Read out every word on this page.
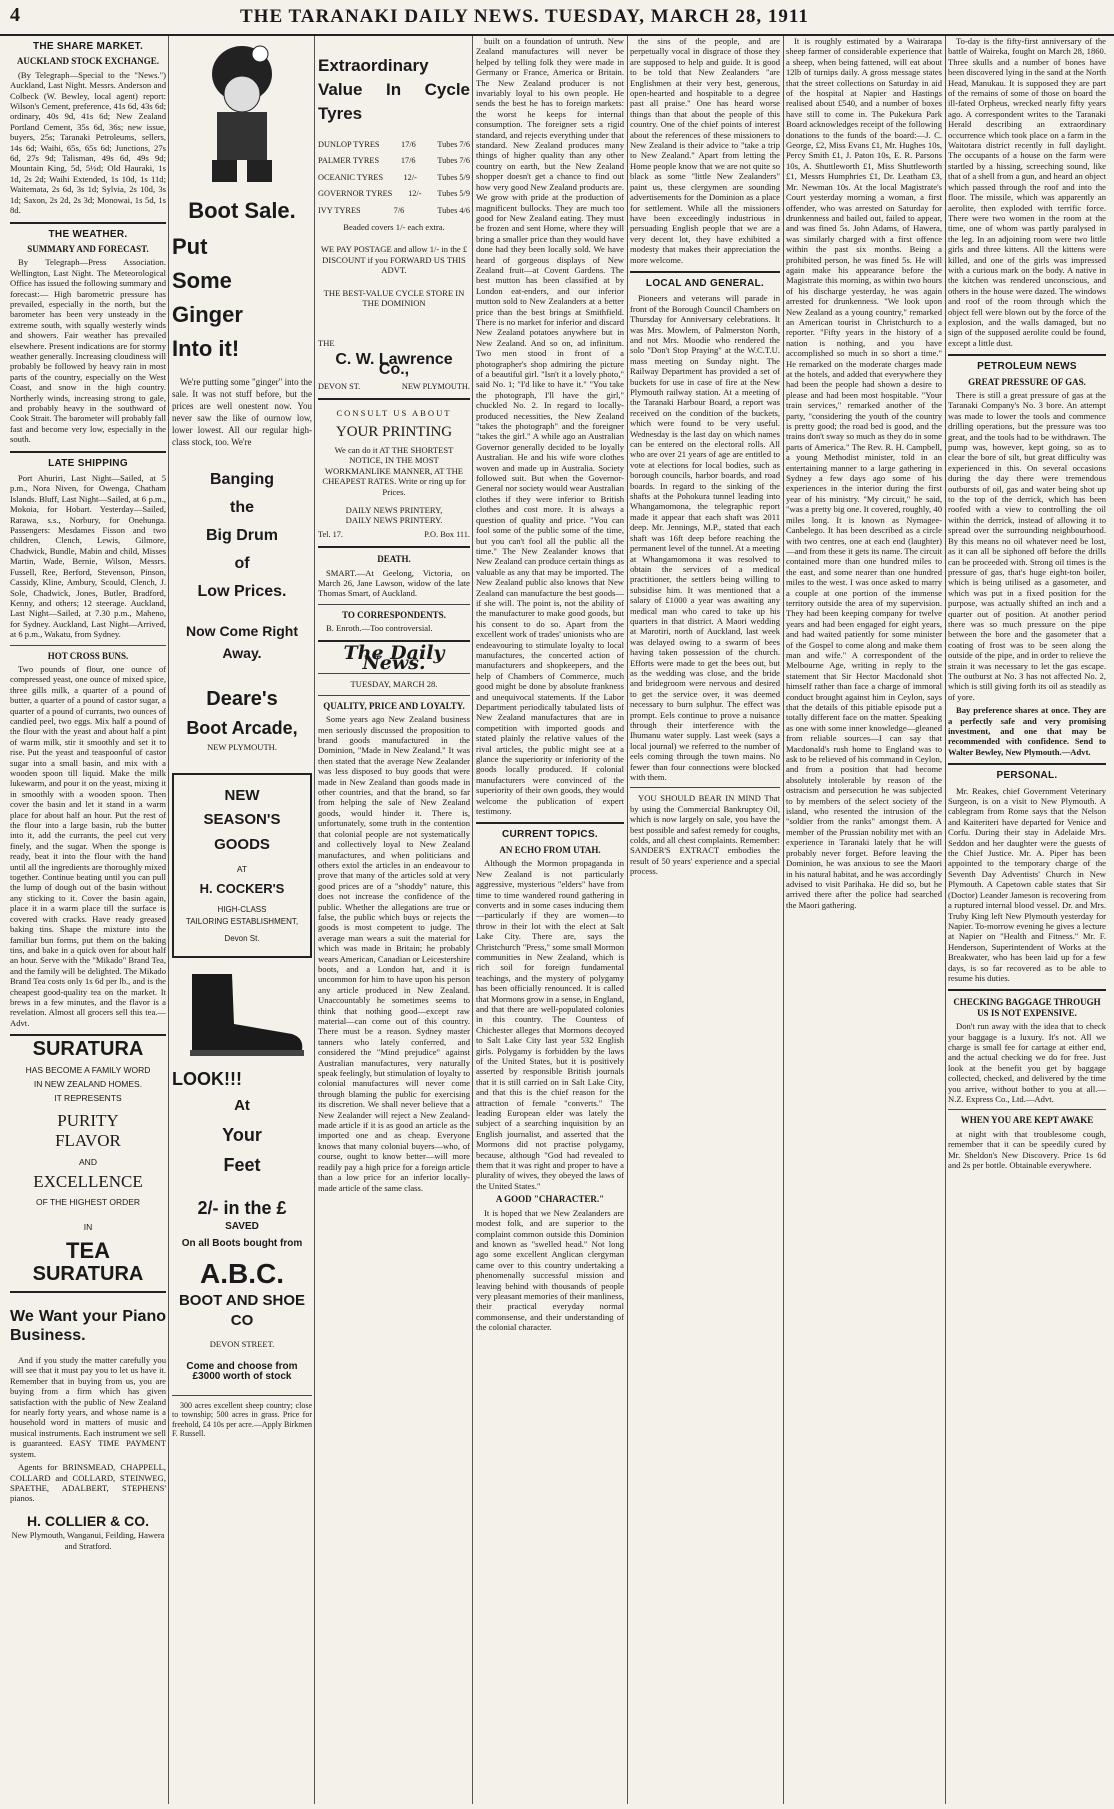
4	THE TARANAKI DAILY NEWS. TUESDAY, MARCH 28, 1911
THE SHARE MARKET.
AUCKLAND STOCK EXCHANGE.

(By Telegraph—Special to the "News.") Auckland, Last Night. Messrs. Anderson and Colbeck (W. Bewley, local agent) report: Wilson's Cement, preference, 41s 6d, 43s 6d; ordinary, 40s 9d, 41s 6d; New Zealand Portland Cement, 35s 6d, 36s; new issue, buyers, 25s; Taranaki Petroleums, sellers, 14s 6d; Waihi, 65s, 65s 6d; Junctions, 27s 6d, 27s 9d; Talisman, 49s 6d, 49s 9d; Mountain King, 5d, 5½d; Old Hauraki, 1s 1d, 2s 2d; Waihi Extended, 1s 10d, 1s 11d; Waitemata, 2s 6d, 3s 1d; Sylvia, 2s 10d, 3s 1d; Saxon, 2s 2d, 2s 3d; Monowai, 1s 5d, 1s 8d.

THE WEATHER.
SUMMARY AND FORECAST.

By Telegraph—Press Association. Wellington, Last Night. The Meteorological Office has issued the following summary and forecast:— High barometric pressure has prevailed, especially in the north, but the barometer has been very unsteady in the extreme south, with squally westerly winds and showers. Fair weather has prevailed elsewhere. Present indications are for stormy weather generally. Increasing cloudiness will probably be followed by heavy rain in most parts of the country, especially on the West Coast, and snow in the high country. Northerly winds, increasing strong to gale, and probably heavy in the southward of Cook Strait. The barometer will probably fall fast and become very low, especially in the south.

LATE SHIPPING

Port Ahuriri, Last Night—Sailed, at 5 p.m., Nora Niven, for Owenga, Chatham Islands. Bluff, Last Night—Sailed, at 6 p.m., Mokoia, for Hobart. Yesterday—Sailed, Rarawa, s.s., Norbury, for Onehunga. Passengers: Mesdames Fisson and two children, Clench, Lewis, Gilmore, Chadwick, Bundle, Mabin and child, Misses Martin, Wade, Bernie, Wilson, Messrs. Fussell, Ree, Berford, Stevenson, Pinson, Cassidy, Kline, Ambury, Scould, Clench, J. Sole, Chadwick, Jones, Butler, Bradford, Kenny, and others; 12 steerage. Auckland, Last Night—Sailed, at 7.30 p.m., Maheno, for Sydney. Auckland, Last Night—Arrived, at 6 p.m., Wakatu, from Sydney.

HOT CROSS BUNS.

Two pounds of flour, one ounce of compressed yeast, one ounce of mixed spice, three gills milk, a quarter of a pound of butter, a quarter of a pound of castor sugar, a quarter of a pound of currants, two ounces of candied peel, two eggs. Mix half a pound of the flour with the yeast and about half a pint of warm milk, stir it smoothly and set it to rise. Put the yeast and teaspoonful of castor sugar into a small basin, and mix with a wooden spoon till liquid. Make the milk lukewarm, and pour it on the yeast, mixing it in smoothly with a wooden spoon. Then cover the basin and let it stand in a warm place for about half an hour. Put the rest of the flour into a large basin, rub the butter into it, add the currants, the peel cut very finely, and the sugar. When the sponge is ready, beat it into the flour with the hand until all the ingredients are thoroughly mixed together. Continue beating until you can pull the lump of dough out of the basin without any sticking to it. Cover the basin again, place it in a warm place till the surface is covered with cracks. Have ready greased baking tins. Shape the mixture into the familiar bun forms, put them on the baking tins, and bake in a quick oven for about half an hour. Serve with the "Mikado" Brand Tea, and the family will be delighted. The Mikado Brand Tea costs only 1s 6d per lb., and is the cheapest good-quality tea on the market. It brews in a few minutes, and the flavor is a revelation. Almost all grocers sell this tea.—Advt.

SURATURA
HAS BECOME A FAMILY WORD
IN NEW ZEALAND HOMES.
IT REPRESENTS
PURITY
FLAVOR
AND
EXCELLENCE
OF THE HIGHEST ORDER
IN
TEA
SURATURA
We Want your Piano Business.

And if you study the matter carefully you will see that it must pay you to let us have it. Remember that in buying from us, you are buying from a firm which has given satisfaction with the public of New Zealand for nearly forty years, and whose name is a household word in matters of music and musical instruments. Each instrument we sell is guaranteed. EASY TIME PAYMENT system.

Agents for BRINSMEAD, CHAPPELL, COLLARD and COLLARD, STEINWEG, SPAETHE, ADALBERT, STEPHENS' pianos.

H. COLLIER & CO.
New Plymouth, Wanganui, Feilding, Hawera and Stratford.
Boot Sale.
Put
Some
Ginger
Into it!

We're putting some "ginger" into the sale. It was not stuff before, but the prices are well onestent now. You never saw the like of ournow low, lower lowest. All our regular high-class stock, too. We're

Banging
the
Big Drum
of
Low Prices.
Now Come Right Away.
Deare's
Boot Arcade,
NEW PLYMOUTH.
NEW
SEASON'S
GOODS
AT
H. COCKER'S
HIGH-CLASS
TAILORING ESTABLISHMENT,
Devon St.
LOOK!!!
At
Your
Feet
2/- in the £
SAVED
On all Boots bought from
A.B.C.
BOOT AND SHOE CO
DEVON STREET.
Come and choose from £3000 worth of stock

300 acres excellent sheep country; close to township; 500 acres in grass. Price for freehold, £4 10s per acre.—Apply Birkmen F. Russell.

Extraordinary Value In Cycle Tyres
DUNLOP TYRES	17/6	Tubes 7/6
PALMER TYRES	17/6	Tubes 7/6
OCEANIC TYRES 12/- Tubes 5/9
GOVERNOR TYRES 12/- Tubes 5/9
IVY TYRES	7/6	Tubes 4/6
Beaded covers 1/- each extra.

WE PAY POSTAGE and allow 1/- in the £ DISCOUNT if you FORWARD US THIS ADVT.

THE BEST-VALUE CYCLE STORE IN THE DOMINION

THE
C. W. Lawrence Co.,
DEVON ST.	NEW PLYMOUTH.
CONSULT US ABOUT
YOUR PRINTING

We can do it AT THE SHORTEST NOTICE, IN THE MOST WORKMANLIKE MANNER, AT THE CHEAPEST RATES. Write or ring up for Prices.

DAILY NEWS PRINTERY,
DAILY NEWS PRINTERY.
Tel. 17.	P.O. Box 111.
DEATH.

SMART.—At Geelong, Victoria, on March 26, Jane Lawson, widow of the late Thomas Smart, of Auckland.

TO CORRESPONDENTS.

B. Enroth.—Too controversial.

The Daily News.
TUESDAY, MARCH 28.
QUALITY, PRICE AND LOYALTY.

Some years ago New Zealand business men seriously discussed the proposition to brand goods manufactured in the Dominion, "Made in New Zealand." It was then stated that the average New Zealander was less disposed to buy goods that were made in New Zealand than goods made in other countries, and that the brand, so far from helping the sale of New Zealand goods, would hinder it. There is, unfortunately, some truth in the contention that colonial people are not systematically and collectively loyal to New Zealand manufactures, and when politicians and others extol the articles in an endeavour to prove that many of the articles sold at very good prices are of a "shoddy" nature, this does not increase the confidence of the public. Whether the allegations are true or false, the public which buys or rejects the goods is most competent to judge. The average man wears a suit the material for which was made in Britain; he probably wears American, Canadian or Leicestershire boots, and a London hat, and it is uncommon for him to have upon his person any article produced in New Zealand. Unaccountably he sometimes seems to think that nothing good—except raw material—can come out of this country. There must be a reason. Sydney master tanners who lately conferred, and considered the "Mind prejudice" against Australian manufactures, very naturally speak feelingly, but stimulation of loyalty to colonial manufactures will never come through blaming the public for exercising its discretion. We shall never believe that a New Zealander will reject a New Zealand-made article if it is as good an article as the imported one and as cheap. Everyone knows that many colonial buyers—who, of course, ought to know better—will more readily pay a high price for a foreign article than a low price for an inferior locally-made article of the same class.

built on a foundation of untruth. New Zealand manufactures will never be helped by telling folk they were made in Germany or France, America or Britain. The New Zealand producer is not invariably loyal to his own people. He sends the best he has to foreign markets: the worst he keeps for internal consumption. The foreigner sets a rigid standard, and rejects everything under that standard. New Zealand produces many things of higher quality than any other country on earth, but the New Zealand shopper doesn't get a chance to find out how very good New Zealand products are. We grow with pride at the production of magnificent bullocks. They are much too good for New Zealand eating. They must be frozen and sent Home, where they will bring a smaller price than they would have done had they been locally sold. We have heard of gorgeous displays of New Zealand fruit—at Covent Gardens. The best mutton has been classified at by London eat-enders, and our inferior mutton sold to New Zealanders at a better price than the best brings at Smithfield. There is no market for inferior and discard New Zealand potatoes anywhere but in New Zealand. And so on, ad infinitum. Two men stood in front of a photographer's shop admiring the picture of a beautiful girl. "Isn't it a lovely photo," said No. 1; "I'd like to have it." "You take the photograph, I'll have the girl," chuckled No. 2. In regard to locally-produced necessities, the New Zealand "takes the photograph" and the foreigner "takes the girl." A while ago an Australian Governor generally decided to be loyally Australian. He and his wife wore clothes woven and made up in Australia. Society followed suit. But when the Governor-General nor society would wear Australian clothes if they were inferior to British clothes and cost more. It is always a question of quality and price. "You can fool some of the public some of the time, but you can't fool all the public all the time." The New Zealander knows that New Zealand can produce certain things as valuable as any that may be imported. The New Zealand public also knows that New Zealand can manufacture the best goods—if she will. The point is, not the ability of the manufacturer to make good goods, but his consent to do so. Apart from the excellent work of trades' unionists who are endeavouring to stimulate loyalty to local manufactures, the concerted action of manufacturers and shopkeepers, and the help of Chambers of Commerce, much good might be done by absolute frankness and unequivocal statements. If the Labor Department periodically tabulated lists of New Zealand manufactures that are in competition with imported goods and stated plainly the relative values of the rival articles, the public might see at a glance the superiority or inferiority of the goods locally produced. If colonial manufacturers were convinced of the superiority of their own goods, they would welcome the publication of expert testimony.

CURRENT TOPICS.
AN ECHO FROM UTAH.

Although the Mormon propaganda in New Zealand is not particularly aggressive, mysterious "elders" have from time to time wandered round gathering in converts and in some cases inducing them—particularly if they are women—to throw in their lot with the elect at Salt Lake City. There are, says the Christchurch "Press," some small Mormon communities in New Zealand, which is rich soil for foreign fundamental teachings, and the mystery of polygamy has been officially renounced. It is called that Mormons grow in a sense, in England, and that there are well-populated colonies in this country. The Countess of Chichester alleges that Mormons decoyed to Salt Lake City last year 532 English girls. Polygamy is forbidden by the laws of the United States, but it is positively asserted by responsible British journals that it is still carried on in Salt Lake City, and that this is the chief reason for the attraction of female "converts." The leading European elder was lately the subject of a searching inquisition by an English journalist, and asserted that the Mormons did not practise polygamy, because, although "God had revealed to them that it was right and proper to have a plurality of wives, they obeyed the laws of the United States."

A GOOD "CHARACTER."

It is hoped that we New Zealanders are modest folk, and are superior to the complaint common outside this Dominion and known as "swelled head." Not long ago some excellent Anglican clergyman came over to this country undertaking a phenomenally successful mission and leaving behind with thousands of people very pleasant memories of their manliness, their practical everyday normal commonsense, and their understanding of the colonial character.

the sins of the people, and are perpetually vocal in disgrace of those they are supposed to help and guide. It is good to be told that New Zealanders "are Englishmen at their very best, generous, open-hearted and hospitable to a degree past all praise." One has heard worse things than that about the people of this country. One of the chief points of interest about the references of these missioners to New Zealand is their advice to "take a trip to New Zealand." Apart from letting the Home people know that we are not quite so black as some "little New Zealanders" paint us, these clergymen are sounding advertisements for the Dominion as a place for settlement. While all the missioners have been exceedingly industrious in persuading English people that we are a very decent lot, they have exhibited a modesty that makes their appreciation the more welcome.

LOCAL AND GENERAL.

Pioneers and veterans will parade in front of the Borough Council Chambers on Thursday for Anniversary celebrations. It was Mrs. Mowlem, of Palmerston North, and not Mrs. Moodie who rendered the solo "Don't Stop Praying" at the W.C.T.U. mass meeting on Sunday night. The Railway Department has provided a set of buckets for use in case of fire at the New Plymouth railway station. At a meeting of the Taranaki Harbour Board, a report was received on the condition of the buckets, which were found to be very useful. Wednesday is the last day on which names can be entered on the electoral rolls. All who are over 21 years of age are entitled to vote at elections for local bodies, such as borough councils, harbor boards, and road boards. In regard to the sinking of the shafts at the Pohokura tunnel leading into Whangamomona, the telegraphic report made it appear that each shaft was 2011 deep. Mr. Jennings, M.P., stated that each shaft was 16ft deep before reaching the permanent level of the tunnel. At a meeting at Whangamomona it was resolved to obtain the services of a medical practitioner, the settlers being willing to subsidise him. It was mentioned that a salary of £1000 a year was awaiting any medical man who cared to take up his quarters in that district. A Maori wedding at Marotiri, north of Auckland, last week was delayed owing to a swarm of bees having taken possession of the church. Efforts were made to get the bees out, but as the wedding was close, and the bride and bridegroom were nervous and desired to get the service over, it was deemed necessary to burn sulphur. The effect was prompt. Eels continue to prove a nuisance through their interference with the Ihumanu water supply. Last week (says a local journal) we referred to the number of eels coming through the town mains. No fewer than four connections were blocked with them.

YOU SHOULD BEAR IN MIND That by using the Commercial Bankruptcy Oil, which is now largely on sale, you have the best possible and safest remedy for coughs, colds, and all chest complaints. Remember: SANDER'S EXTRACT embodies the result of 50 years' experience and a special process.

It is roughly estimated by a Wairarapa sheep farmer of considerable experience that a sheep, when being fattened, will eat about 12lb of turnips daily. A gross message states that the street collections on Saturday in aid of the hospital at Napier and Hastings realised about £540, and a number of boxes have still to come in. The Pukekura Park Board acknowledges receipt of the following donations to the funds of the board:—J. C. George, £2, Miss Evans £1, Mr. Hughes 10s, Percy Smith £1, J. Paton 10s, E. R. Parsons 10s, A. Shuttleworth £1, Miss Shuttleworth £1, Messrs Humphries £1, Dr. Leatham £3, Mr. Newman 10s. At the local Magistrate's Court yesterday morning a woman, a first offender, who was arrested on Saturday for drunkenness and bailed out, failed to appear, and was fined 5s. John Adams, of Hawera, was similarly charged with a first offence within the past six months. Being a prohibited person, he was fined 5s. He will again make his appearance before the Magistrate this morning, as within two hours of his discharge yesterday, he was again arrested for drunkenness. "We look upon New Zealand as a young country," remarked an American tourist in Christchurch to a reporter. "Fifty years in the history of a nation is nothing, and you have accomplished so much in so short a time." He remarked on the moderate charges made at the hotels, and added that everywhere they had been the people had shown a desire to please and had been most hospitable. "Your train services," remarked another of the party, "considering the youth of the country is pretty good; the road bed is good, and the trains don't sway so much as they do in some parts of America." The Rev. R. H. Campbell, a young Methodist minister, told in an entertaining manner to a large gathering in Sydney a few days ago some of his experiences in the interior during the first year of his ministry. "My circuit," he said, "was a pretty big one. It covered, roughly, 40 miles long. It is known as Nymagee-Canbelego. It has been described as a circle with two centres, one at each end (laughter)—and from these it gets its name. The circuit contained more than one hundred miles to the east, and some nearer than one hundred miles to the west. I was once asked to marry a couple at one portion of the immense territory outside the area of my supervision. They had been keeping company for twelve years and had been engaged for eight years, and had waited patiently for some minister of the Gospel to come along and make them man and wife." A correspondent of the Melbourne Age, writing in reply to the statement that Sir Hector Macdonald shot himself rather than face a charge of immoral conduct brought against him in Ceylon, says that the details of this pitiable episode put a totally different face on the matter. Speaking as one with some inner knowledge—gleaned from reliable sources—I can say that Macdonald's rush home to England was to ask to be relieved of his command in Ceylon, and from a position that had become absolutely intolerable by reason of the ostracism and persecution he was subjected to by members of the select society of the island, who resented the intrusion of the "soldier from the ranks" amongst them. A member of the Prussian nobility met with an experience in Taranaki lately that he will probably never forget. Before leaving the Dominion, he was anxious to see the Maori in his natural habitat, and he was accordingly advised to visit Parihaka. He did so, but he arrived there after the police had searched the Maori gathering.

To-day is the fifty-first anniversary of the battle of Waireka, fought on March 28, 1860. Three skulls and a number of bones have been discovered lying in the sand at the North Head, Manukau. It is supposed they are part of the remains of some of those on board the ill-fated Orpheus, wrecked nearly fifty years ago. A correspondent writes to the Taranaki Herald describing an extraordinary occurrence which took place on a farm in the Waitotara district recently in full daylight. The occupants of a house on the farm were startled by a hissing, screeching sound, like that of a shell from a gun, and heard an object which passed through the roof and into the floor. The missile, which was apparently an aerolite, then exploded with terrific force. There were two women in the room at the time, one of whom was partly paralysed in the leg. In an adjoining room were two little girls and three kittens. All the kittens were killed, and one of the girls was impressed with a curious mark on the body. A native in the kitchen was rendered unconscious, and others in the house were dazed. The windows and roof of the room through which the object fell were blown out by the force of the explosion, and the walls damaged, but no sign of the supposed aerolite could be found, except a little dust.

PETROLEUM NEWS
GREAT PRESSURE OF GAS.

There is still a great pressure of gas at the Taranaki Company's No. 3 bore. An attempt was made to lower the tools and commence drilling operations, but the pressure was too great, and the tools had to be withdrawn. The pump was, however, kept going, so as to clear the bore of silt, but great difficulty was experienced in this. On several occasions during the day there were tremendous outbursts of oil, gas and water being shot up to the top of the derrick, which has been roofed with a view to controlling the oil within the derrick, instead of allowing it to spread over the surrounding neighbourhood. By this means no oil whatever need be lost, as it can all be siphoned off before the drills can be proceeded with. Strong oil times is the pressure of gas, that's huge eight-ton boiler, which is being utilised as a gasometer, and which was put in a fixed position for the purpose, was actually shifted an inch and a quarter out of position. At another period there was so much pressure on the pipe between the bore and the gasometer that a coating of frost was to be seen along the outside of the pipe, and in order to relieve the strain it was necessary to let the gas escape. The outburst at No. 3 has not affected No. 2, which is still giving forth its oil as steadily as of yore.

Bay preference shares at once. They are a perfectly safe and very promising investment, and one that may be recommended with confidence. Send to Walter Bewley, New Plymouth.—Advt.

PERSONAL.

Mr. Reakes, chief Government Veterinary Surgeon, is on a visit to New Plymouth. A cablegram from Rome says that the Nelson and Kaiteriteri have departed for Venice and Corfu. During their stay in Adelaide Mrs. Seddon and her daughter were the guests of the Chief Justice. Mr. A. Piper has been appointed to the temporary charge of the Seventh Day Adventists' Church in New Plymouth. A Capetown cable states that Sir (Doctor) Leander Jameson is recovering from a ruptured internal blood vessel. Dr. and Mrs. Truby King left New Plymouth yesterday for Napier. To-morrow evening he gives a lecture at Napier on "Health and Fitness." Mr. F. Henderson, Superintendent of Works at the Breakwater, who has been laid up for a few days, is so far recovered as to be able to resume his duties.

CHECKING BAGGAGE THROUGH US IS NOT EXPENSIVE.

Don't run away with the idea that to check your baggage is a luxury. It's not. All we charge is small fee for cartage at either end, and the actual checking we do for free. Just look at the benefit you get by baggage collected, checked, and delivered by the time you arrive, without bother to you at all.—N.Z. Express Co., Ltd.—Advt.

WHEN YOU ARE KEPT AWAKE

at night with that troublesome cough, remember that it can be speedily cured by Mr. Sheldon's New Discovery. Price 1s 6d and 2s per bottle. Obtainable everywhere.
